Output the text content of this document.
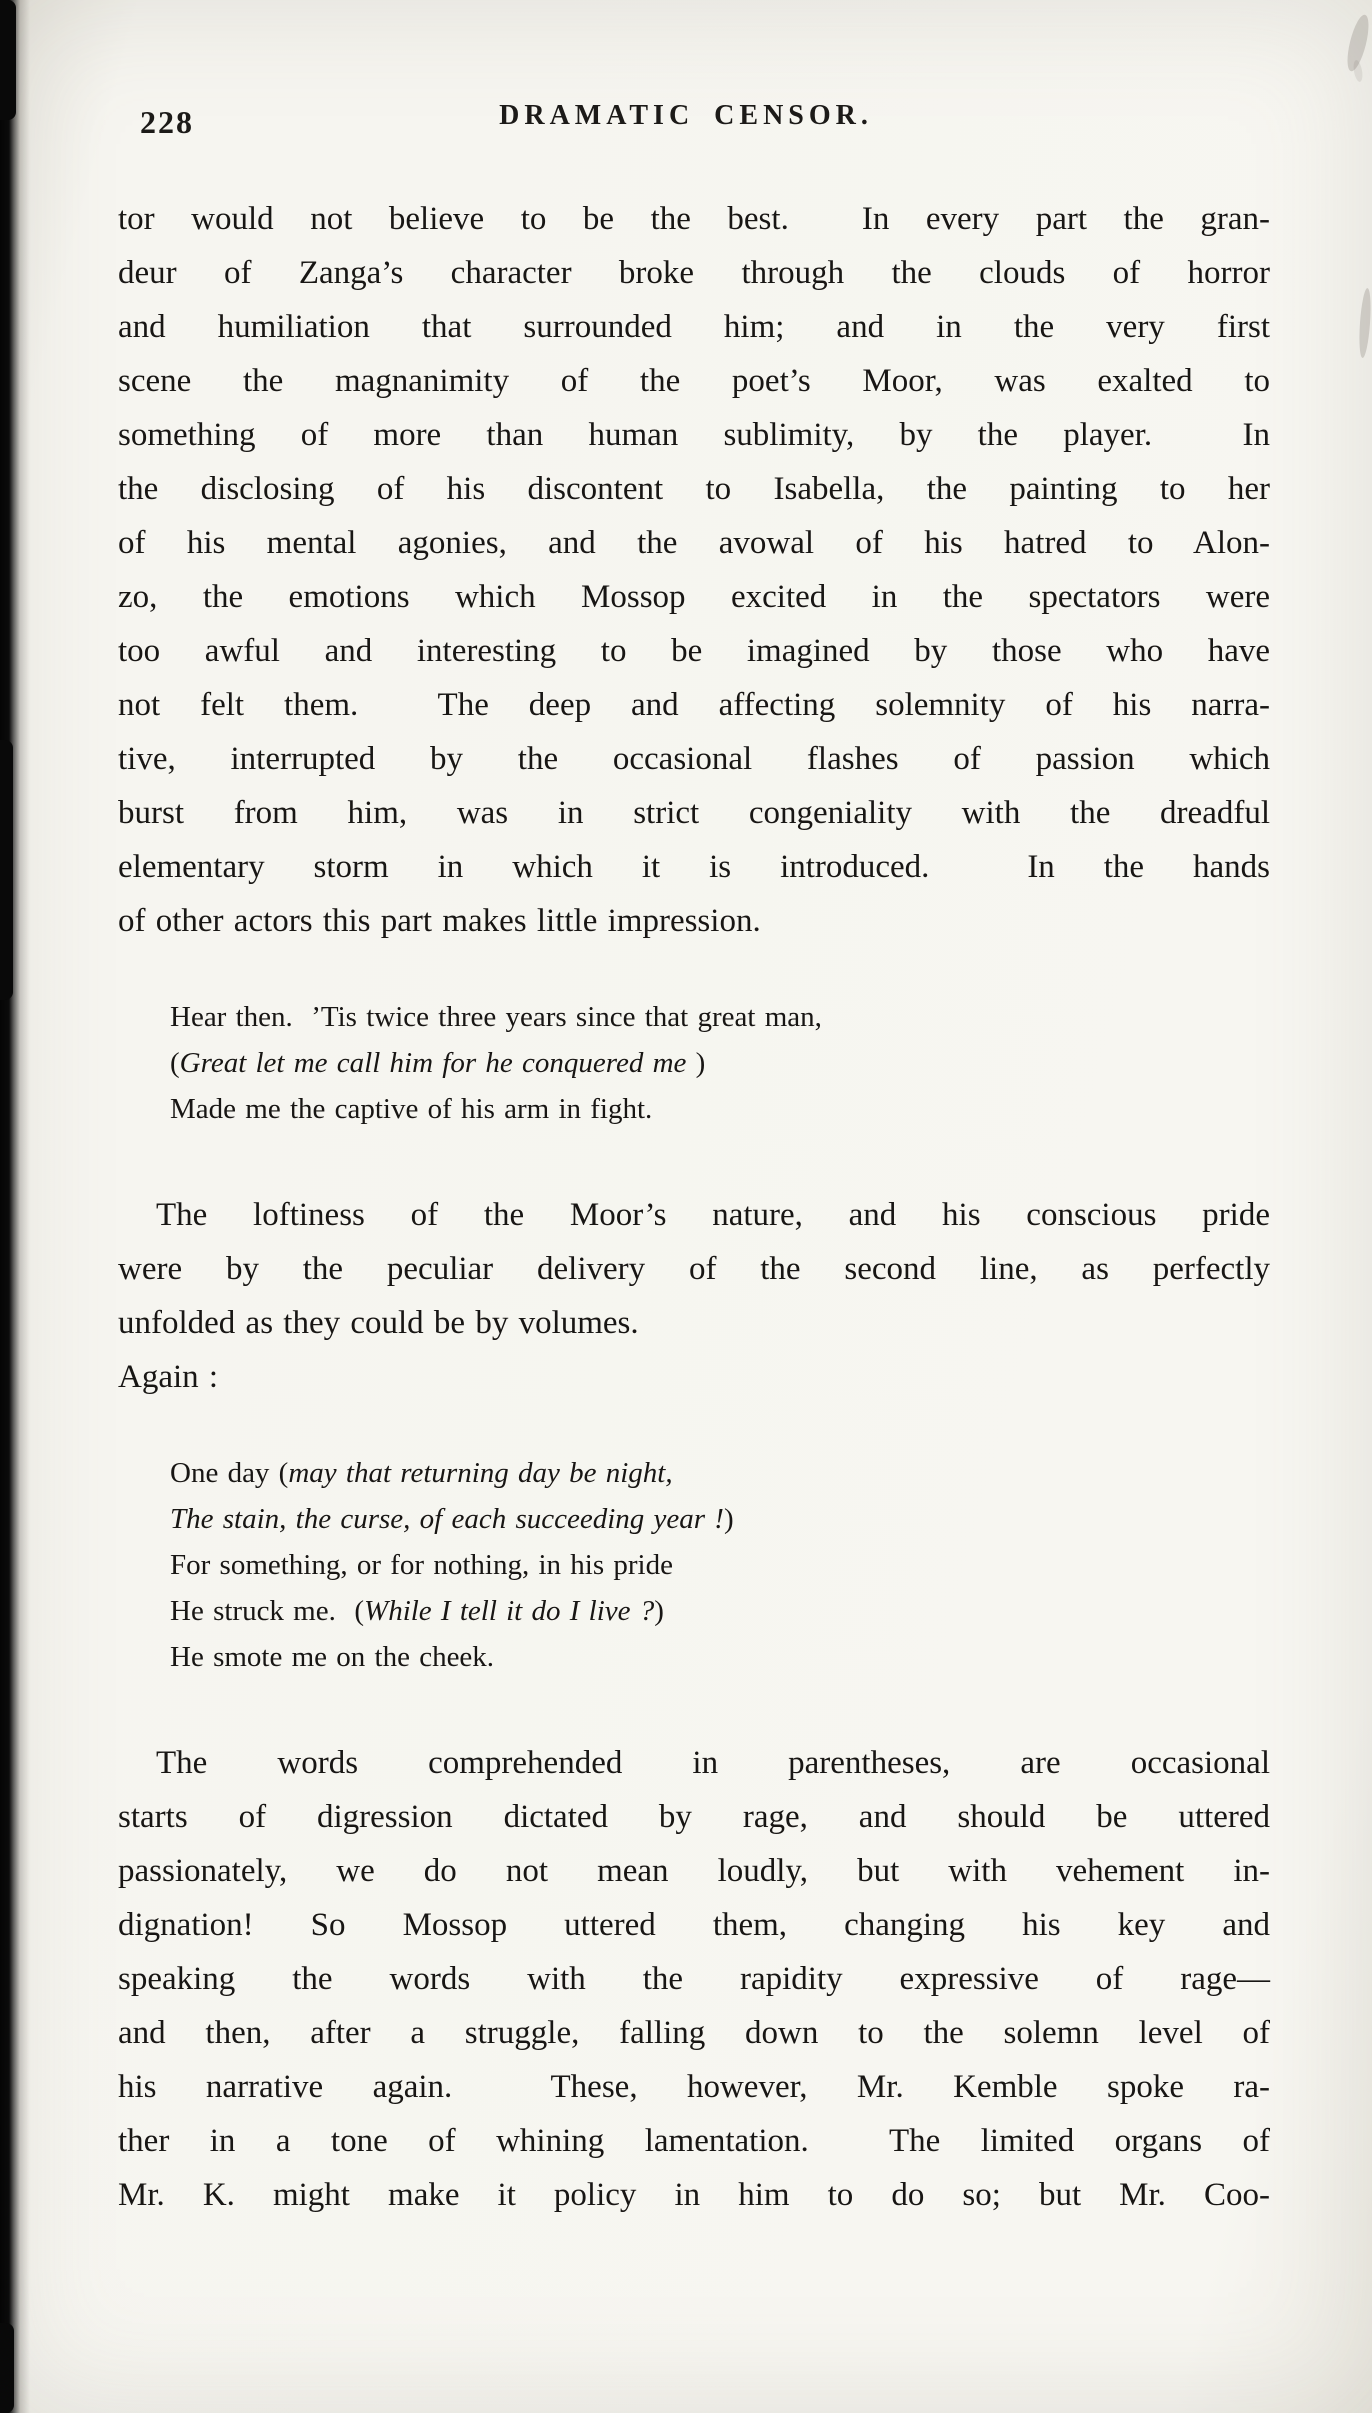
228	DRAMATIC CENSOR.
tor would not believe to be the best.  In every part the gran-
deur of Zanga’s character broke through the clouds of horror
and humiliation that surrounded him; and in the very first
scene the magnanimity of the poet’s Moor, was exalted to
something of more than human sublimity, by the player.  In
the disclosing of his discontent to Isabella, the painting to her
of his mental agonies, and the avowal of his hatred to Alon-
zo, the emotions which Mossop excited in the spectators were
too awful and interesting to be imagined by those who have
not felt them.  The deep and affecting solemnity of his narra-
tive, interrupted by the occasional flashes of passion which
burst from him, was in strict congeniality with the dreadful
elementary storm in which it is introduced.  In the hands
of other actors this part makes little impression.
Hear then.  ’Tis twice three years since that great man,
(Great let me call him for he conquered me )
Made me the captive of his arm in fight.
The loftiness of the Moor’s nature, and his conscious pride
were by the peculiar delivery of the second line, as perfectly
unfolded as they could be by volumes.
Again :
One day (may that returning day be night,
The stain, the curse, of each succeeding year !)
For something, or for nothing, in his pride
He struck me.  (While I tell it do I live ?)
He smote me on the cheek.
The words comprehended in parentheses, are occasional
starts of digression dictated by rage, and should be uttered
passionately, we do not mean loudly, but with vehement in-
dignation! So Mossop uttered them, changing his key and
speaking the words with the rapidity expressive of rage—
and then, after a struggle, falling down to the solemn level of
his narrative again.  These, however, Mr. Kemble spoke ra-
ther in a tone of whining lamentation.  The limited organs of
Mr. K. might make it policy in him to do so; but Mr. Coo-
